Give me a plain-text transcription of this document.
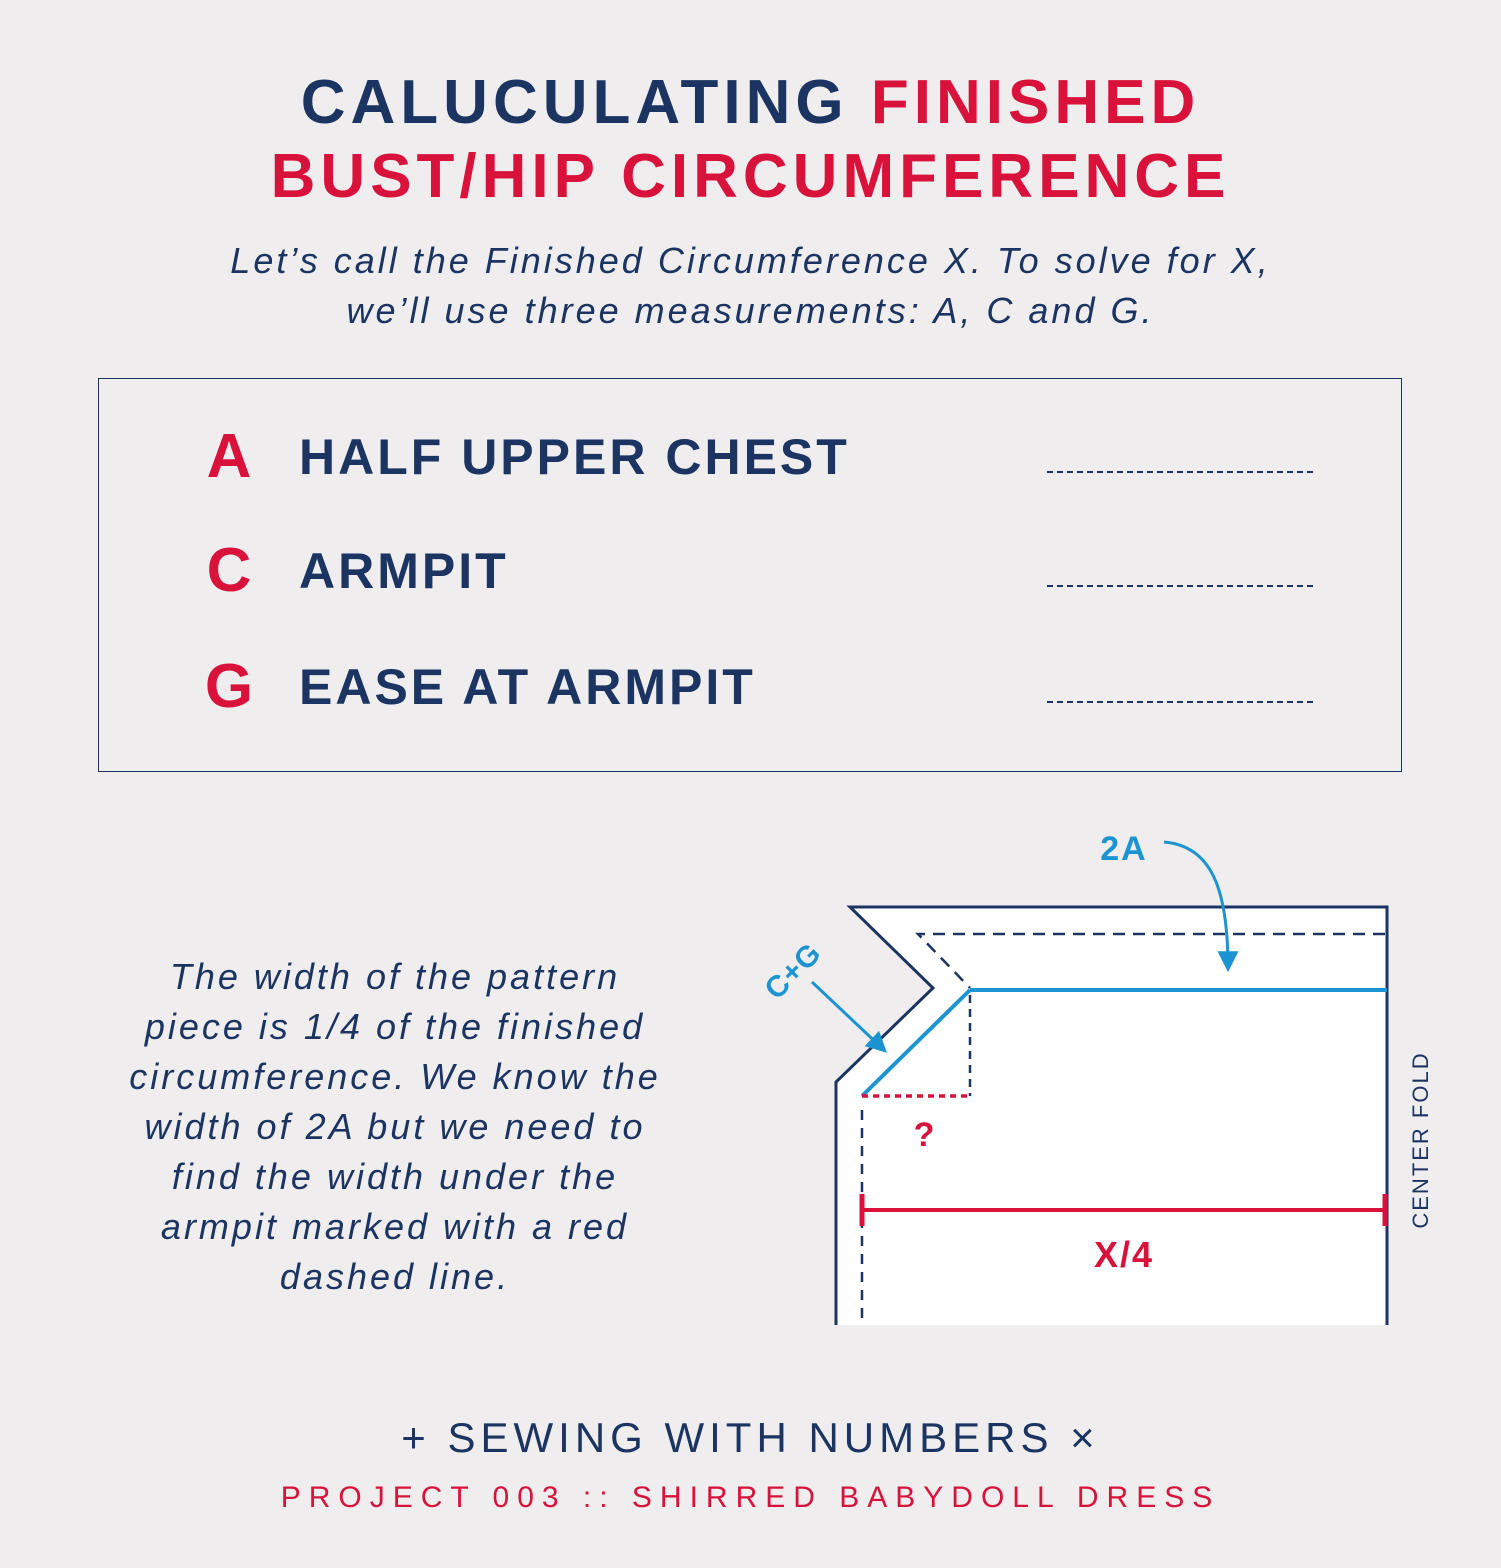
CALUCULATING FINISHED
BUST/HIP CIRCUMFERENCE
Let’s call the Finished Circumference X. To solve for X,
we’ll use three measurements: A, C and G.
A HALF UPPER CHEST
C ARMPIT
G EASE AT ARMPIT
The width of the pattern
piece is 1/4 of the finished
circumference. We know the
width of 2A but we need to
find the width under the
armpit marked with a red
dashed line.
2A
C+G
?
X/4
CENTER FOLD
+ SEWING WITH NUMBERS ×
PROJECT 003 :: SHIRRED BABYDOLL DRESS
